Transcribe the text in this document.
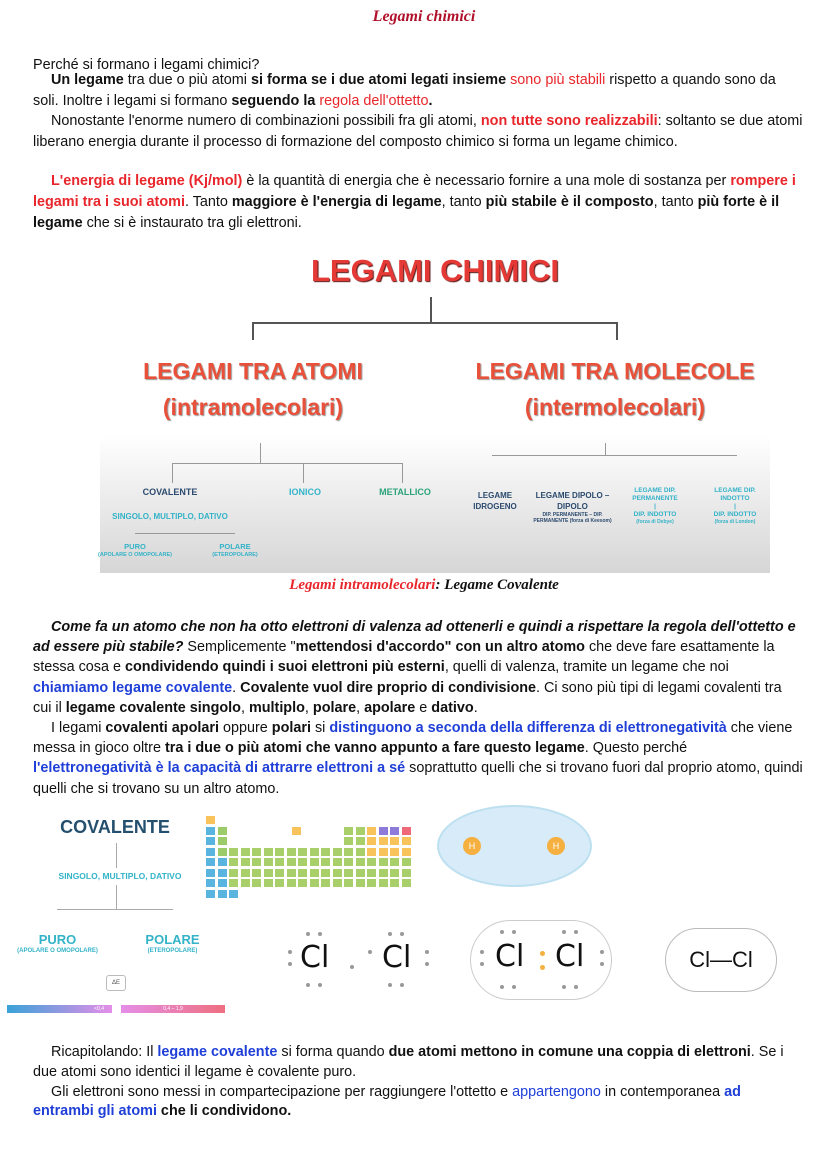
Legami chimici

Perché si formano i legami chimici?

Un legame tra due o più atomi si forma se i due atomi legati insieme sono più stabili rispetto a quando sono da soli. Inoltre i legami si formano seguendo la regola dell'ottetto.

Nonostante l'enorme numero di combinazioni possibili fra gli atomi, non tutte sono realizzabili: soltanto se due atomi liberano energia durante il processo di formazione del composto chimico si forma un legame chimico.

L'energia di legame (Kj/mol) è la quantità di energia che è necessario fornire a una mole di sostanza per rompere i legami tra i suoi atomi. Tanto maggiore è l'energia di legame, tanto più stabile è il composto, tanto più forte è il legame che si è instaurato tra gli elettroni.

LEGAMI CHIMICI
LEGAMI TRA ATOMI
(intramolecolari)
LEGAMI TRA MOLECOLE
(intermolecolari)
COVALENTE	IONICO	METALLICO
SINGOLO, MULTIPLO, DATIVO
PURO
(APOLARE O OMOPOLARE)
POLARE
(ETEROPOLARE)
LEGAME IDROGENO
LEGAME DIPOLO – DIPOLO
DIP. PERMANENTE – DIP. PERMANENTE (forza di Keesom)
LEGAME DIP. PERMANENTE
|
DIP. INDOTTO
(forza di Debye)
LEGAME DIP. INDOTTO
|
DIP. INDOTTO
(forza di London)
Legami intramolecolari: Legame Covalente

Come fa un atomo che non ha otto elettroni di valenza ad ottenerli e quindi a rispettare la regola dell'ottetto e ad essere più stabile? Semplicemente "mettendosi d'accordo" con un altro atomo che deve fare esattamente la stessa cosa e condividendo quindi i suoi elettroni più esterni, quelli di valenza, tramite un legame che noi chiamiamo legame covalente. Covalente vuol dire proprio di condivisione. Ci sono più tipi di legami covalenti tra cui il legame covalente singolo, multiplo, polare, apolare e dativo.

I legami covalenti apolari oppure polari si distinguono a seconda della differenza di elettronegatività che viene messa in gioco oltre tra i due o più atomi che vanno appunto a fare questo legame. Questo perché l'elettronegatività è la capacità di attrarre elettroni a sé soprattutto quelli che si trovano fuori dal proprio atomo, quindi quelli che si trovano su un altro atomo.

COVALENTE
SINGOLO, MULTIPLO, DATIVO
PURO
(APOLARE O OMOPOLARE)
POLARE
(ETEROPOLARE)
ΔE
<0,4	0,4 – 1,9
H	H
Cl Cl	Cl Cl	Cl—Cl

Ricapitolando: Il legame covalente si forma quando due atomi mettono in comune una coppia di elettroni. Se i due atomi sono identici il legame è covalente puro.

Gli elettroni sono messi in compartecipazione per raggiungere l'ottetto e appartengono in contemporanea ad entrambi gli atomi che li condividono.
